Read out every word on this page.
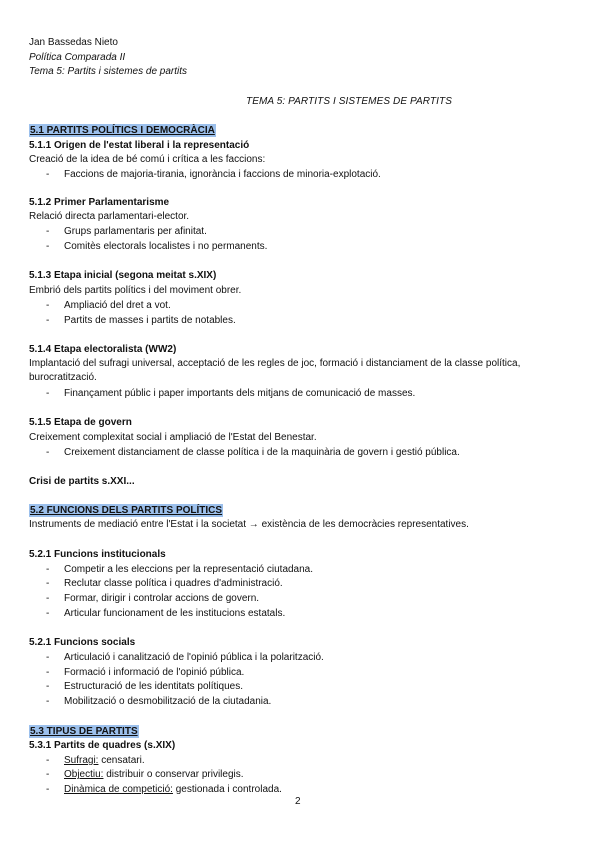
Jan Bassedas Nieto
Política Comparada II
Tema 5: Partits i sistemes de partits
TEMA 5: PARTITS I SISTEMES DE PARTITS
5.1 PARTITS POLÍTICS I DEMOCRÀCIA
5.1.1 Origen de l'estat liberal i la representació
Creació de la idea de bé comú i crítica a les faccions:
- Faccions de majoria-tirania, ignorància i faccions de minoria-explotació.
5.1.2 Primer Parlamentarisme
Relació directa parlamentari-elector.
- Grups parlamentaris per afinitat.
- Comitès electorals localistes i no permanents.
5.1.3 Etapa inicial (segona meitat s.XIX)
Embrió dels partits polítics i del moviment obrer.
- Ampliació del dret a vot.
- Partits de masses i partits de notables.
5.1.4 Etapa electoralista (WW2)
Implantació del sufragi universal, acceptació de les regles de joc, formació i distanciament de la classe política, burocratització.
- Finançament públic i paper importants dels mitjans de comunicació de masses.
5.1.5 Etapa de govern
Creixement complexitat social i ampliació de l'Estat del Benestar.
- Creixement distanciament de classe política i de la maquinària de govern i gestió pública.
Crisi de partits s.XXI...
5.2 FUNCIONS DELS PARTITS POLÍTICS
Instruments de mediació entre l'Estat i la societat → existència de les democràcies representatives.
5.2.1 Funcions institucionals
- Competir a les eleccions per la representació ciutadana.
- Reclutar classe política i quadres d'administració.
- Formar, dirigir i controlar accions de govern.
- Articular funcionament de les institucions estatals.
5.2.1 Funcions socials
- Articulació i canalització de l'opinió pública i la polarització.
- Formació i informació de l'opinió pública.
- Estructuració de les identitats polítiques.
- Mobilització o desmobilització de la ciutadania.
5.3 TIPUS DE PARTITS
5.3.1 Partits de quadres (s.XIX)
- Sufragi: censatari.
- Objectiu: distribuir o conservar privilegis.
- Dinàmica de competició: gestionada i controlada.
2
